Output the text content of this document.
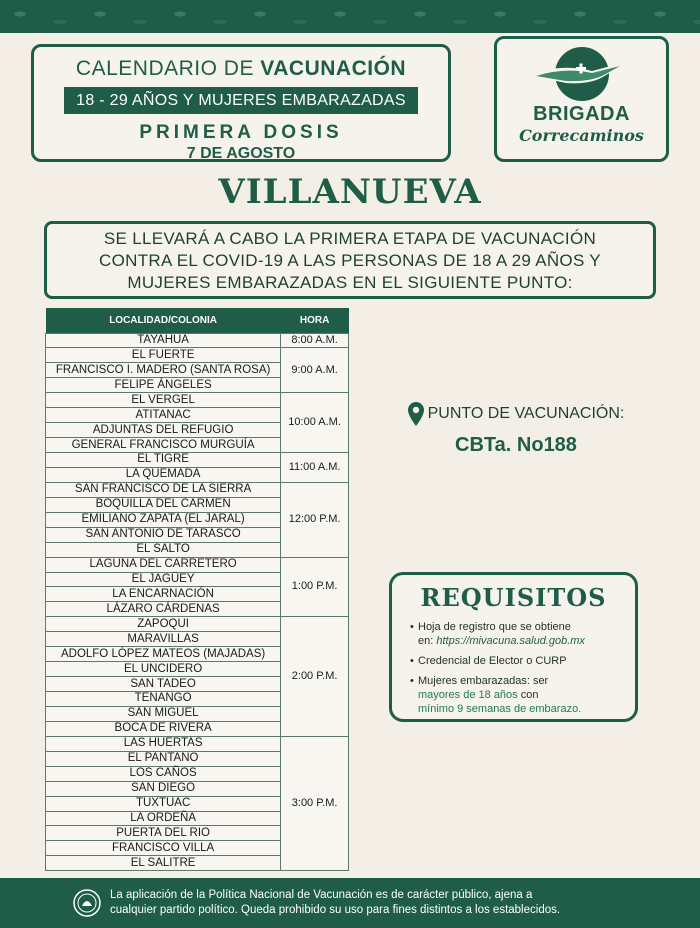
CALENDARIO DE VACUNACIÓN
18 - 29 AÑOS Y MUJERES EMBARAZADAS
PRIMERA DOSIS
7 DE AGOSTO
BRIGADA
Correcaminos
VILLANUEVA
SE LLEVARÁ A CABO LA PRIMERA ETAPA DE VACUNACIÓN
CONTRA EL COVID-19 A LAS PERSONAS DE 18 A 29 AÑOS Y
MUJERES EMBARAZADAS EN EL SIGUIENTE PUNTO:
LOCALIDAD/COLONIA	HORA
TAYAHUA	8:00 A.M.
EL FUERTE	9:00 A.M.
FRANCISCO I. MADERO (SANTA ROSA)	
FELIPE ÁNGELES	
EL VERGEL	10:00 A.M.
ATITANAC	
ADJUNTAS DEL REFUGIO	
GENERAL FRANCISCO MURGUÍA	
EL TIGRE	11:00 A.M.
LA QUEMADA	
SAN FRANCISCO DE LA SIERRA	12:00 P.M.
BOQUILLA DEL CARMEN	
EMILIANO ZAPATA (EL JARAL)	
SAN ANTONIO DE TARASCO	
EL SALTO	
LAGUNA DEL CARRETERO	1:00 P.M.
EL JAGÜEY	
LA ENCARNACIÓN	
LÁZARO CÁRDENAS	
ZAPOQUI	2:00 P.M.
MARAVILLAS	
ADOLFO LÓPEZ MATEOS (MAJADAS)	
EL UNCIDERO	
SAN TADEO	
TENANGO	
SAN MIGUEL	
BOCA DE RIVERA	
LAS HUERTAS	3:00 P.M.
EL PANTANO	
LOS CAÑOS	
SAN DIEGO	
TUXTUAC	
LA ORDEÑA	
PUERTA DEL RIO	
FRANCISCO VILLA	
EL SALITRE	
PUNTO DE VACUNACIÓN:
CBTa. No188
REQUISITOS
• Hoja de registro que se obtiene
en: https://mivacuna.salud.gob.mx
• Credencial de Elector o CURP
• Mujeres embarazadas: ser
mayores de 18 años con
mínimo 9 semanas de embarazo.
La aplicación de la Política Nacional de Vacunación es de carácter público, ajena a
cualquier partido político. Queda prohibido su uso para fines distintos a los establecidos.
